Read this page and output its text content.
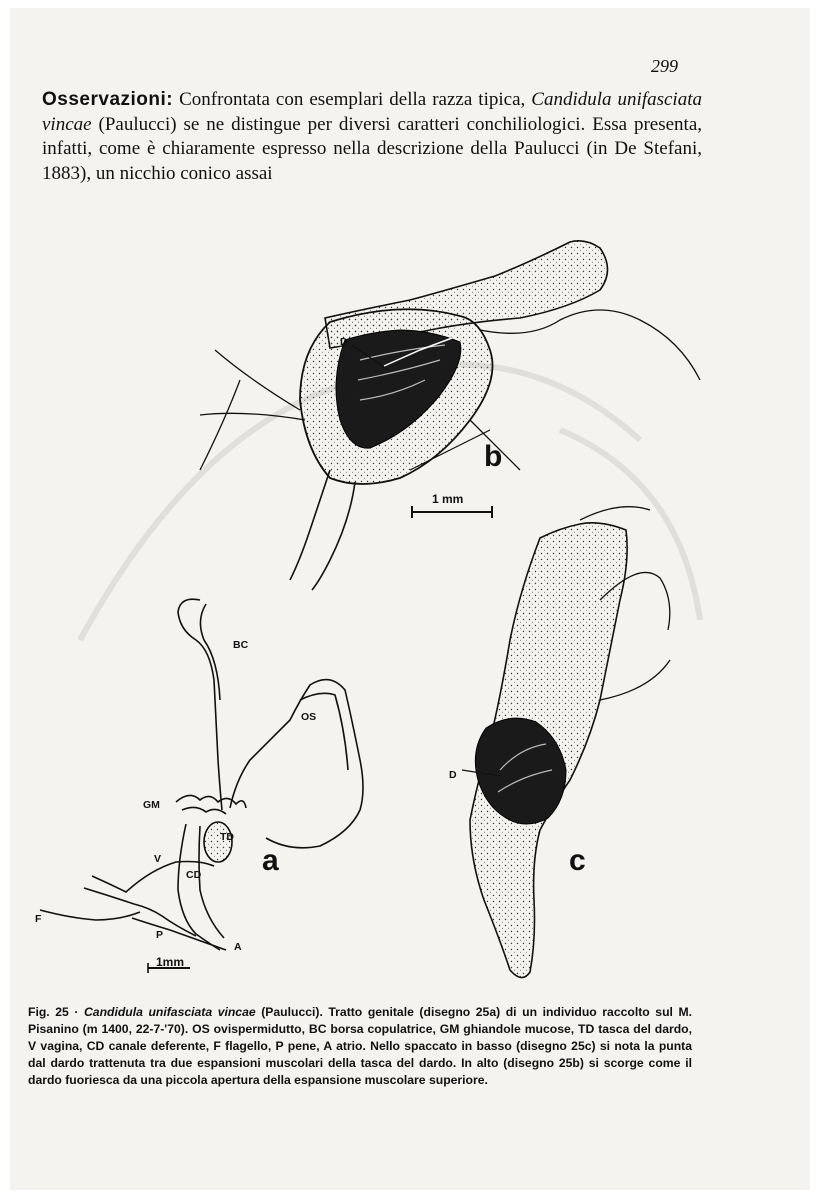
299
Osservazioni: Confrontata con esemplari della razza tipica, Candidula unifasciata vincae (Paulucci) se ne distingue per diversi caratteri conchiliologici. Essa presenta, infatti, come è chiaramente espresso nella descrizione della Paulucci (in De Stefani, 1883), un nicchio conico assai
D
b
1 mm
BC
OS
GM
TD
V
CD
F
P
A
a
1mm
D
c
Fig. 25 · Candidula unifasciata vincae (Paulucci). Tratto genitale (disegno 25a) di un individuo raccolto sul M. Pisanino (m 1400, 22-7-'70). OS ovispermidutto, BC borsa copulatrice, GM ghiandole mucose, TD tasca del dardo, V vagina, CD canale deferente, F flagello, P pene, A atrio. Nello spaccato in basso (disegno 25c) si nota la punta dal dardo trattenuta tra due espansioni muscolari della tasca del dardo. In alto (disegno 25b) si scorge come il dardo fuoriesca da una piccola apertura della espansione muscolare superiore.
